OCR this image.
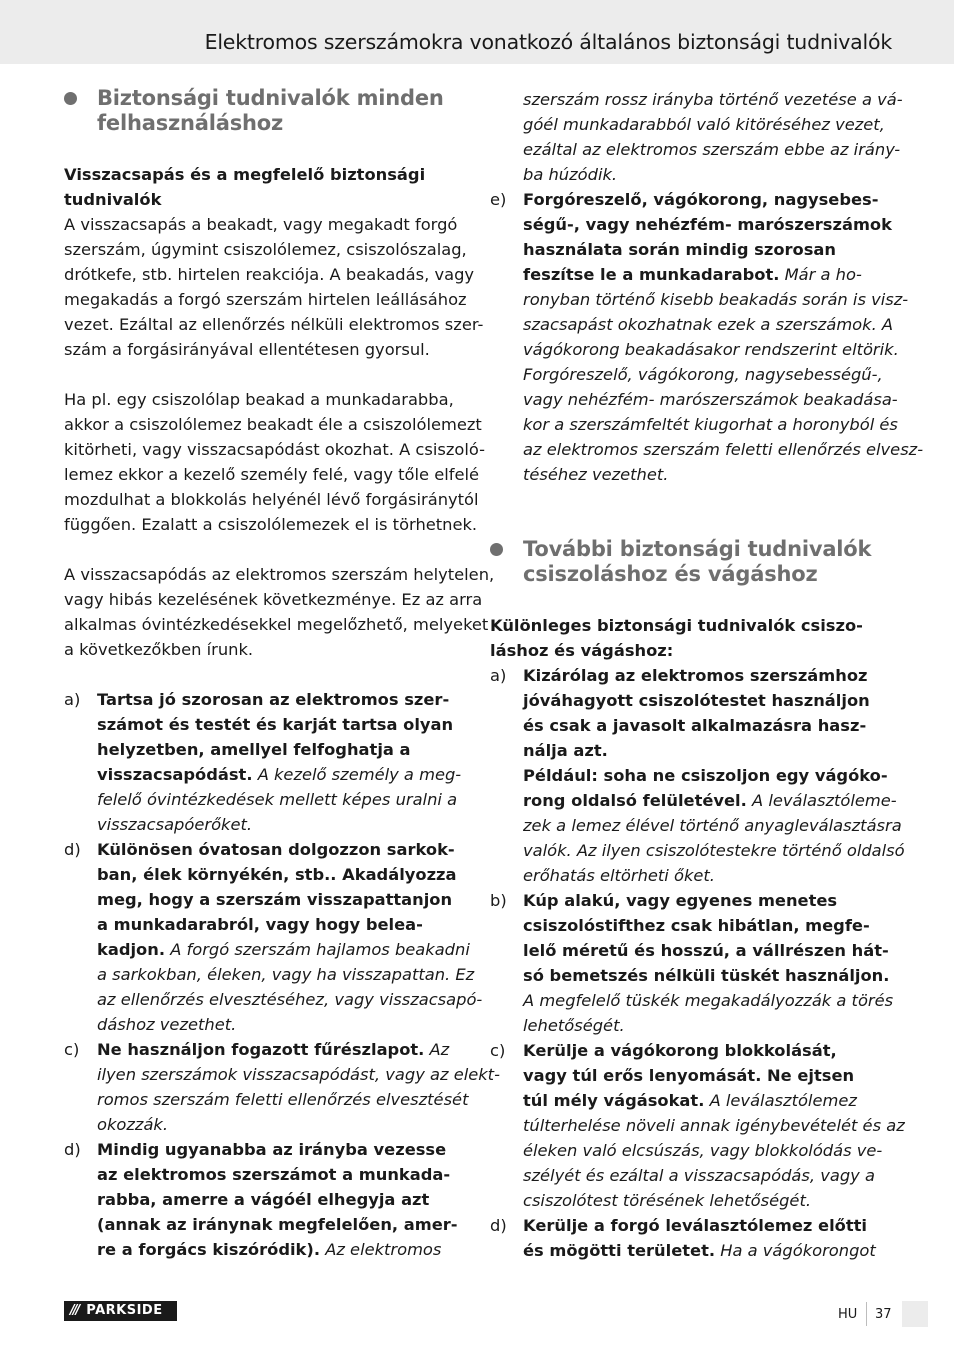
Elektromos szerszámokra vonatkozó általános biztonsági tudnivalók
Biztonsági tudnivalók minden
felhasználáshoz
Visszacsapás és a megfelelő biztonsági
tudnivalók
A visszacsapás a beakadt, vagy megakadt forgó
szerszám, úgymint csiszolólemez, csiszolószalag,
drótkefe, stb. hirtelen reakciója. A beakadás, vagy
megakadás a forgó szerszám hirtelen leállásához
vezet. Ezáltal az ellenőrzés nélküli elektromos szer-
szám a forgásirányával ellentétesen gyorsul.
Ha pl. egy csiszolólap beakad a munkadarabba,
akkor a csiszolólemez beakadt éle a csiszolólemezt
kitörheti, vagy visszacsapódást okozhat. A csiszoló-
lemez ekkor a kezelő személy felé, vagy tőle elfelé
mozdulhat a blokkolás helyénél lévő forgásiránytól
függően. Ezalatt a csiszolólemezek el is törhetnek.
A visszacsapódás az elektromos szerszám helytelen,
vagy hibás kezelésének következménye. Ez az arra
alkalmas óvintézkedésekkel megelőzhető, melyeket
a következőkben írunk.
a) Tartsa jó szorosan az elektromos szer-
számot és testét és karját tartsa olyan
helyzetben, amellyel felfoghatja a
visszacsapódást. A kezelő személy a meg-
felelő óvintézkedések mellett képes uralni a
visszacsapóerőket.
d) Különösen óvatosan dolgozzon sarkok-
ban, élek környékén, stb.. Akadályozza
meg, hogy a szerszám visszapattanjon
a munkadarabról, vagy hogy belea-
kadjon. A forgó szerszám hajlamos beakadni
a sarkokban, éleken, vagy ha visszapattan. Ez
az ellenőrzés elvesztéséhez, vagy visszacsapó-
dáshoz vezethet.
c) Ne használjon fogazott fűrészlapot. Az
ilyen szerszámok visszacsapódást, vagy az elekt-
romos szerszám feletti ellenőrzés elvesztését
okozzák.
d) Mindig ugyanabba az irányba vezesse
az elektromos szerszámot a munkada-
rabba, amerre a vágóél elhegyja azt
(annak az iránynak megfelelően, amer-
re a forgács kiszóródik). Az elektromos
szerszám rossz irányba történő vezetése a vá-
góél munkadarabból való kitöréséhez vezet,
ezáltal az elektromos szerszám ebbe az irány-
ba húzódik.
e) Forgóreszelő, vágókorong, nagysebes-
ségű-, vagy nehézfém- marószerszámok
használata során mindig szorosan
feszítse le a munkadarabot. Már a ho-
ronyban történő kisebb beakadás során is visz-
szacsapást okozhatnak ezek a szerszámok. A
vágókorong beakadásakor rendszerint eltörik.
Forgóreszelő, vágókorong, nagysebességű-,
vagy nehézfém- marószerszámok beakadása-
kor a szerszámfeltét kiugorhat a horonyból és
az elektromos szerszám feletti ellenőrzés elvesz-
téséhez vezethet.
További biztonsági tudnivalók
csiszoláshoz és vágáshoz
Különleges biztonsági tudnivalók csiszo-
láshoz és vágáshoz:
a) Kizárólag az elektromos szerszámhoz
jóváhagyott csiszolótestet használjon
és csak a javasolt alkalmazásra hasz-
nálja azt.
Például: soha ne csiszoljon egy vágóko-
rong oldalsó felületével. A leválasztóleme-
zek a lemez élével történő anyagleválasztásra
valók. Az ilyen csiszolótestekre történő oldalsó
erőhatás eltörheti őket.
b) Kúp alakú, vagy egyenes menetes
csiszolóstifthez csak hibátlan, megfe-
lelő méretű és hosszú, a vállrészen hát-
só bemetszés nélküli tüskét használjon.
A megfelelő tüskék megakadályozzák a törés
lehetőségét.
c) Kerülje a vágókorong blokkolását,
vagy túl erős lenyomását. Ne ejtsen
túl mély vágásokat. A leválasztólemez
túlterhelése növeli annak igénybevételét és az
éleken való elcsúszás, vagy blokkolódás ve-
szélyét és ezáltal a visszacsapódás, vagy a
csiszolótest törésének lehetőségét.
d) Kerülje a forgó leválasztólemez előtti
és mögötti területet. Ha a vágókorongot
/// PARKSIDE	HU 37
